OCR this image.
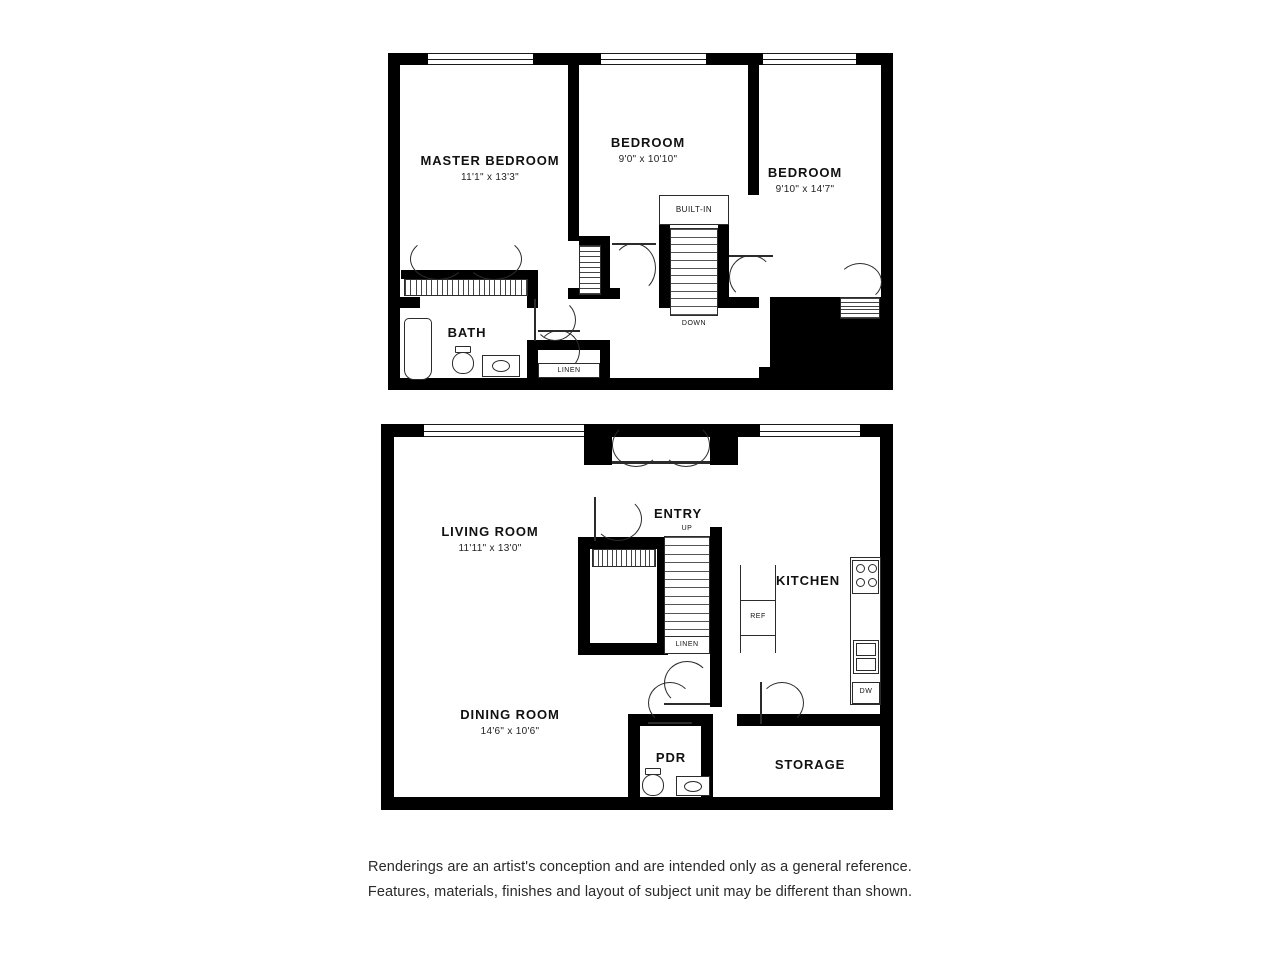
BUILT-IN
DOWN
LINEN
MASTER BEDROOM
11'1" x 13'3"
BEDROOM
9'0" x 10'10"
BEDROOM
9'10" x 14'7"
BATH
UP
LINEN
REF
DW
LIVING ROOM
11'11" x 13'0"
DINING ROOM
14'6" x 10'6"
KITCHEN
ENTRY
PDR	STORAGE
Renderings are an artist's conception and are intended only as a general reference.
Features, materials, finishes and layout of subject unit may be different than shown.
